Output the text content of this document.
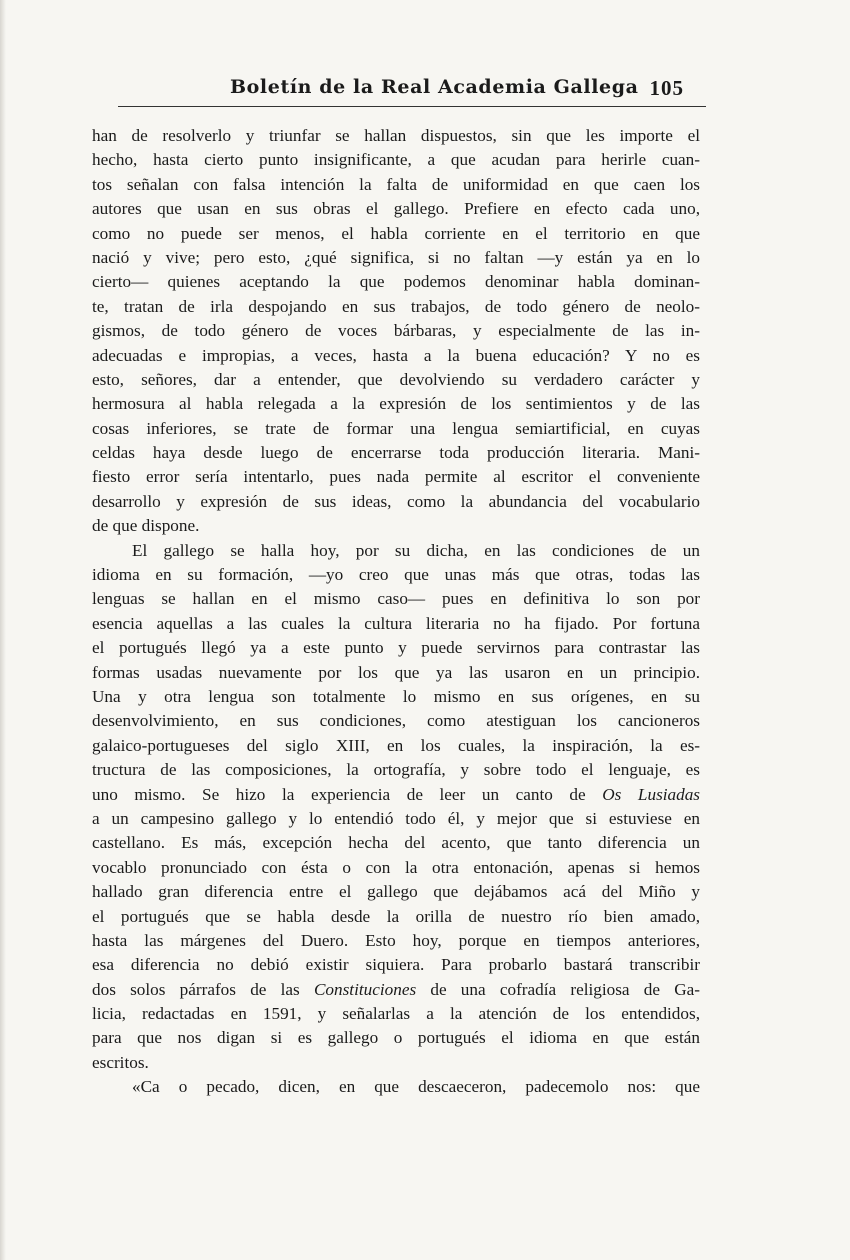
Boletín de la Real Academia Gallega 105
han de resolverlo y triunfar se hallan dispuestos, sin que les importe el
hecho, hasta cierto punto insignificante, a que acudan para herirle cuan-
tos señalan con falsa intención la falta de uniformidad en que caen los
autores que usan en sus obras el gallego. Prefiere en efecto cada uno,
como no puede ser menos, el habla corriente en el territorio en que
nació y vive; pero esto, ¿qué significa, si no faltan —y están ya en lo
cierto— quienes aceptando la que podemos denominar habla dominan-
te, tratan de irla despojando en sus trabajos, de todo género de neolo-
gismos, de todo género de voces bárbaras, y especialmente de las in-
adecuadas e impropias, a veces, hasta a la buena educación? Y no es
esto, señores, dar a entender, que devolviendo su verdadero carácter y
hermosura al habla relegada a la expresión de los sentimientos y de las
cosas inferiores, se trate de formar una lengua semiartificial, en cuyas
celdas haya desde luego de encerrarse toda producción literaria. Mani-
fiesto error sería intentarlo, pues nada permite al escritor el conveniente
desarrollo y expresión de sus ideas, como la abundancia del vocabulario
de que dispone.
El gallego se halla hoy, por su dicha, en las condiciones de un
idioma en su formación, —yo creo que unas más que otras, todas las
lenguas se hallan en el mismo caso— pues en definitiva lo son por
esencia aquellas a las cuales la cultura literaria no ha fijado. Por fortuna
el portugués llegó ya a este punto y puede servirnos para contrastar las
formas usadas nuevamente por los que ya las usaron en un principio.
Una y otra lengua son totalmente lo mismo en sus orígenes, en su
desenvolvimiento, en sus condiciones, como atestiguan los cancioneros
galaico-portugueses del siglo XIII, en los cuales, la inspiración, la es-
tructura de las composiciones, la ortografía, y sobre todo el lenguaje, es
uno mismo. Se hizo la experiencia de leer un canto de Os Lusiadas
a un campesino gallego y lo entendió todo él, y mejor que si estuviese en
castellano. Es más, excepción hecha del acento, que tanto diferencia un
vocablo pronunciado con ésta o con la otra entonación, apenas si hemos
hallado gran diferencia entre el gallego que dejábamos acá del Miño y
el portugués que se habla desde la orilla de nuestro río bien amado,
hasta las márgenes del Duero. Esto hoy, porque en tiempos anteriores,
esa diferencia no debió existir siquiera. Para probarlo bastará transcribir
dos solos párrafos de las Constituciones de una cofradía religiosa de Ga-
licia, redactadas en 1591, y señalarlas a la atención de los entendidos,
para que nos digan si es gallego o portugués el idioma en que están
escritos.
«Ca o pecado, dicen, en que descaeceron, padecemolo nos: que
